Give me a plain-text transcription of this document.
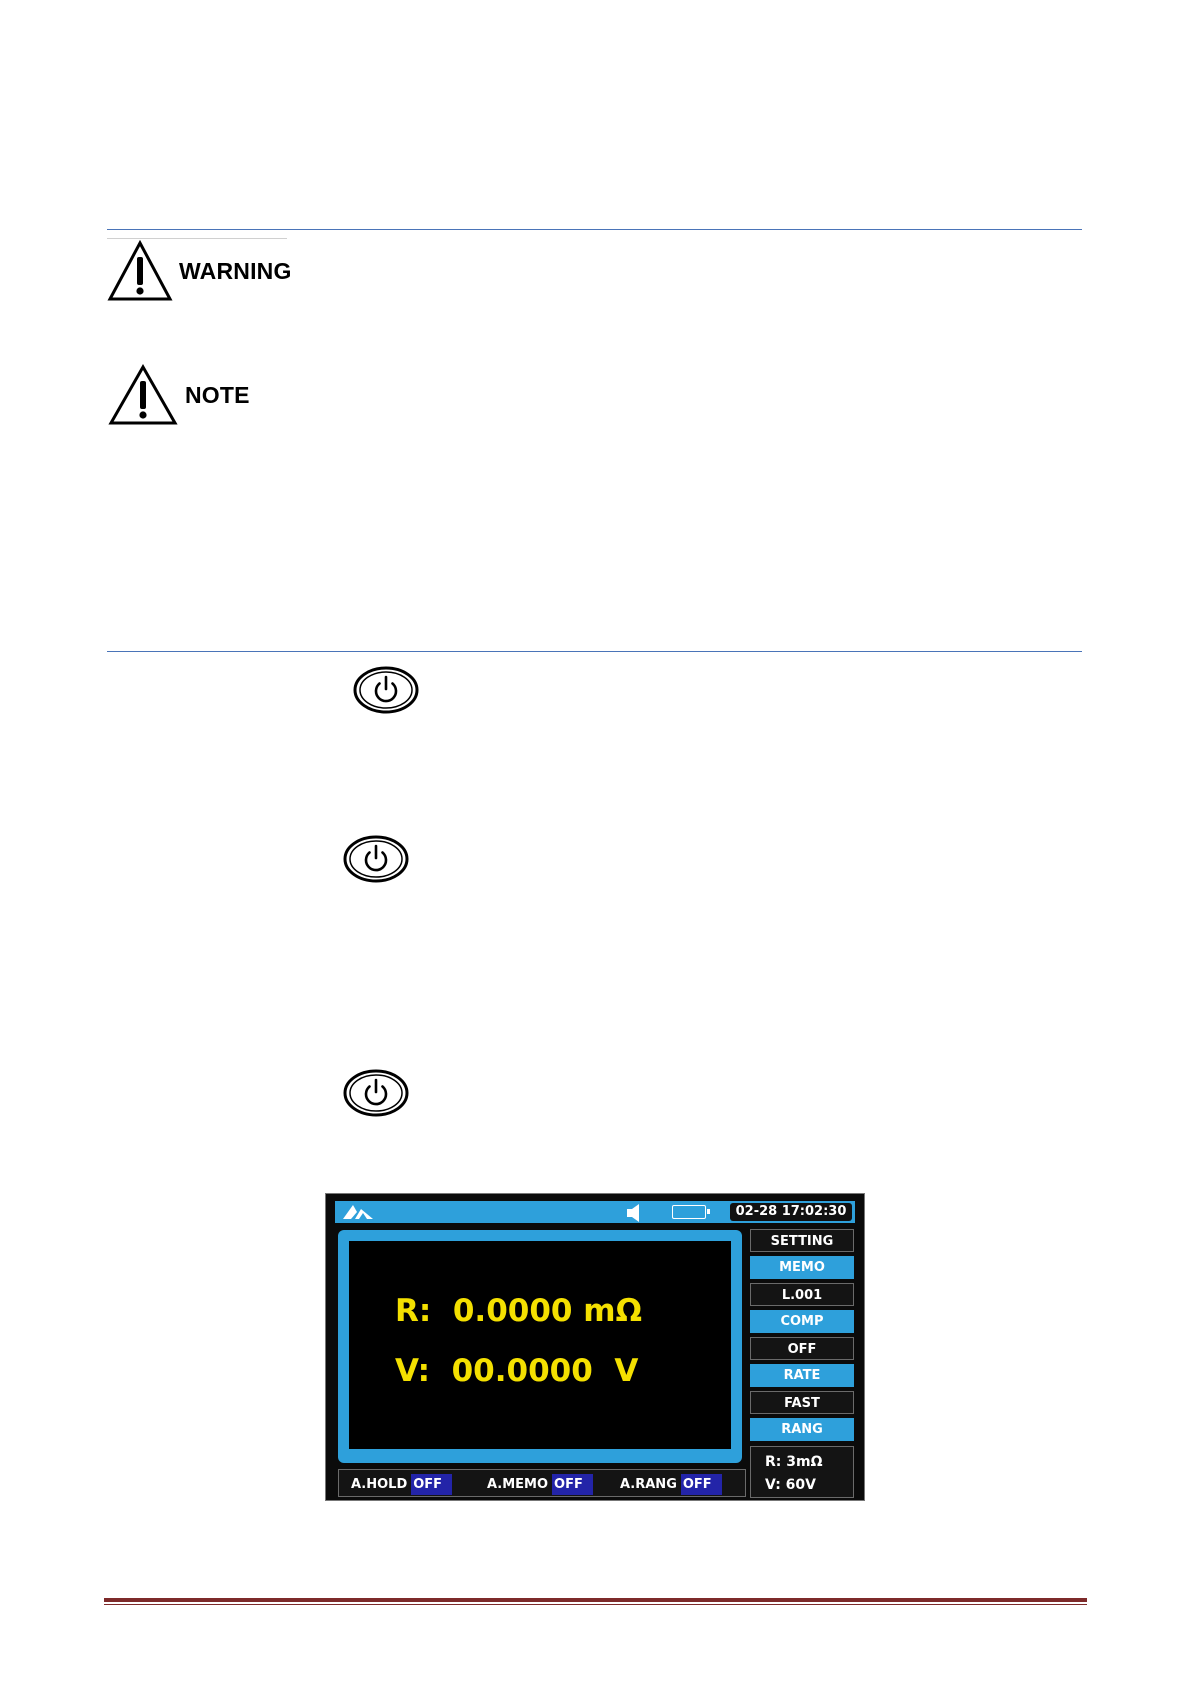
WARNING
NOTE
02-28 17:02:30
R:  0.0000 mΩ
V:  00.0000  V
SETTING
MEMO
L.001
COMP
OFF
RATE
FAST
RANG
R: 3mΩ
V: 60V
A.HOLD OFF	A.MEMO OFF	A.RANG OFF
